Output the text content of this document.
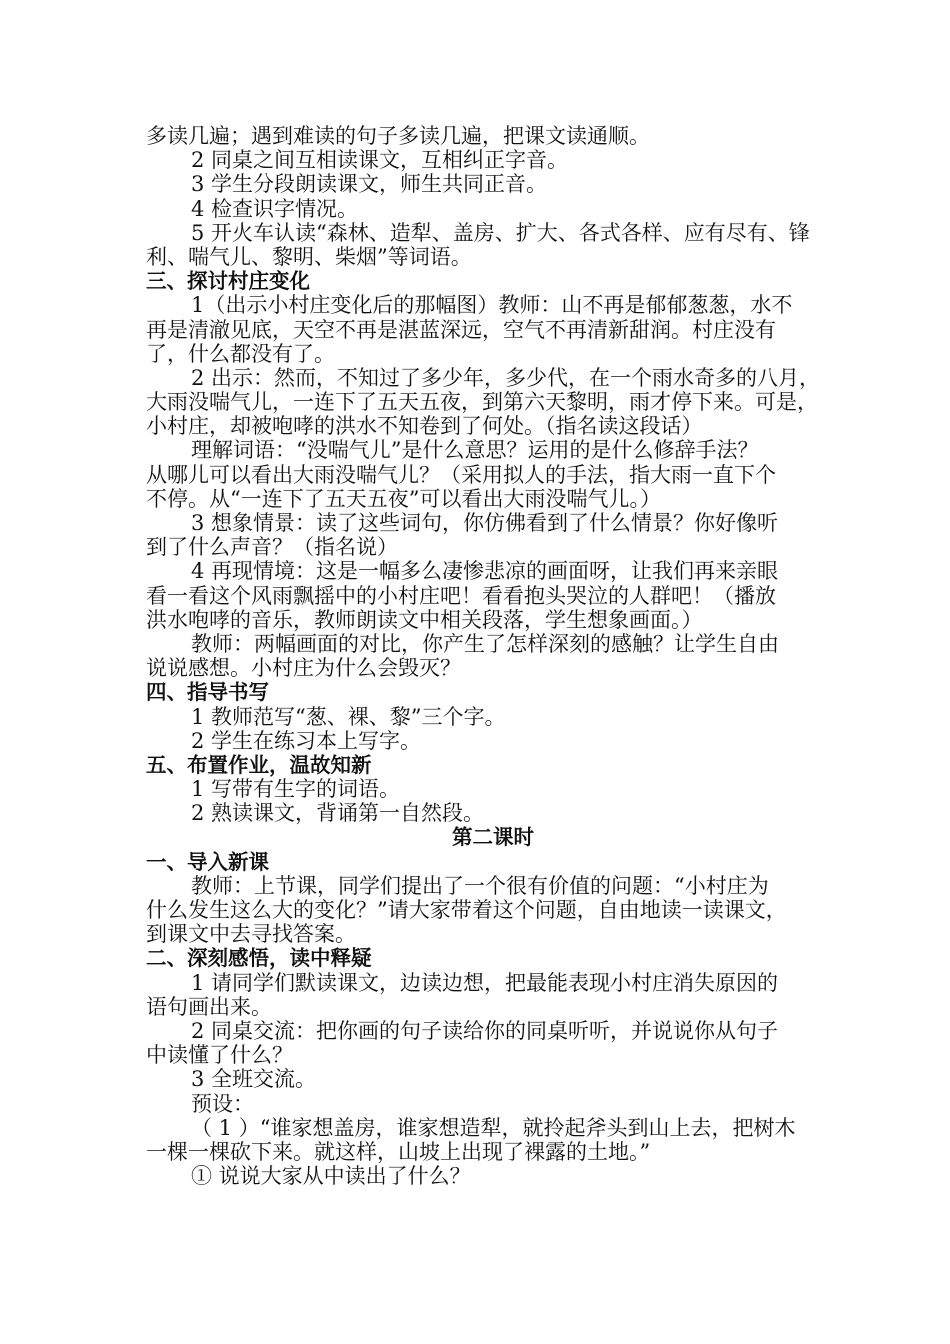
多读几遍；遇到难读的句子多读几遍，把课文读通顺。
2 同桌之间互相读课文，互相纠正字音。
3 学生分段朗读课文，师生共同正音。
4 检查识字情况。
5 开火车认读“森林、造犁、盖房、扩大、各式各样、应有尽有、锋
利、喘气儿、黎明、柴烟”等词语。
三、探讨村庄变化
1（出示小村庄变化后的那幅图）教师：山不再是郁郁葱葱，水不
再是清澈见底，天空不再是湛蓝深远，空气不再清新甜润。村庄没有
了，什么都没有了。
2 出示：然而，不知过了多少年，多少代，在一个雨水奇多的八月，
大雨没喘气儿，一连下了五天五夜，到第六天黎明，雨才停下来。可是，
小村庄，却被咆哮的洪水不知卷到了何处。（指名读这段话）
理解词语：“没喘气儿”是什么意思？运用的是什么修辞手法？
从哪儿可以看出大雨没喘气儿？（采用拟人的手法，指大雨一直下个
不停。从“一连下了五天五夜”可以看出大雨没喘气儿。）
3 想象情景：读了这些词句，你仿佛看到了什么情景？你好像听
到了什么声音？（指名说）
4 再现情境：这是一幅多么凄惨悲凉的画面呀，让我们再来亲眼
看一看这个风雨飘摇中的小村庄吧！看看抱头哭泣的人群吧！（播放
洪水咆哮的音乐，教师朗读文中相关段落，学生想象画面。）
教师：两幅画面的对比，你产生了怎样深刻的感触？让学生自由
说说感想。小村庄为什么会毁灭？
四、指导书写
1 教师范写“葱、裸、黎”三个字。
2 学生在练习本上写字。
五、布置作业，温故知新
1 写带有生字的词语。
2 熟读课文，背诵第一自然段。
第二课时
一、导入新课
教师：上节课，同学们提出了一个很有价值的问题：“小村庄为
什么发生这么大的变化？”请大家带着这个问题，自由地读一读课文，
到课文中去寻找答案。
二、深刻感悟，读中释疑
1 请同学们默读课文，边读边想，把最能表现小村庄消失原因的
语句画出来。
2 同桌交流：把你画的句子读给你的同桌听听，并说说你从句子
中读懂了什么？
3 全班交流。
预设：
（ 1 ）“谁家想盖房，谁家想造犁，就拎起斧头到山上去，把树木
一棵一棵砍下来。就这样，山坡上出现了裸露的土地。”
① 说说大家从中读出了什么？
